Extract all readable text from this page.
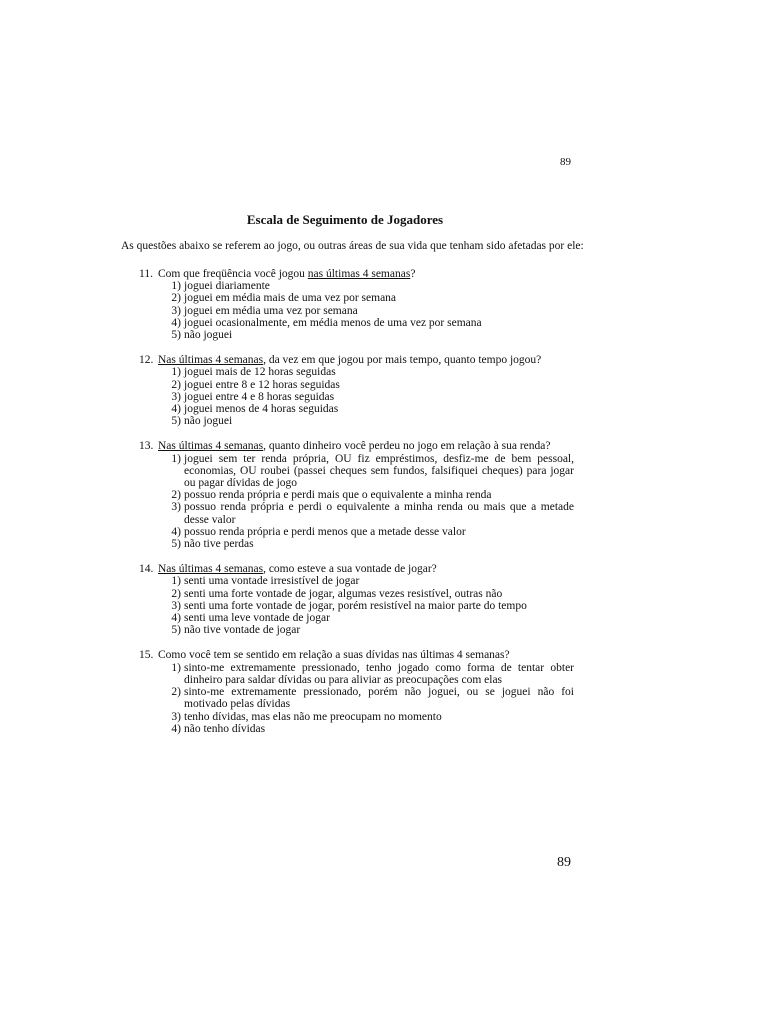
89
Escala de Seguimento de Jogadores
As questões abaixo se referem ao jogo, ou outras áreas de sua vida que tenham sido afetadas por ele:
11. Com que freqüência você jogou nas últimas 4 semanas?
1) joguei diariamente
2) joguei em média mais de uma vez por semana
3) joguei em média uma vez por semana
4) joguei ocasionalmente, em média menos de uma vez por semana
5) não joguei
12. Nas últimas 4 semanas, da vez em que jogou por mais tempo, quanto tempo jogou?
1) joguei mais de 12 horas seguidas
2) joguei entre 8 e 12 horas seguidas
3) joguei entre 4 e 8 horas seguidas
4) joguei menos de 4 horas seguidas
5) não joguei
13. Nas últimas 4 semanas, quanto dinheiro você perdeu no jogo em relação à sua renda?
1) joguei sem ter renda própria, OU fiz empréstimos, desfiz-me de bem pessoal, economias, OU roubei (passei cheques sem fundos, falsifiquei cheques) para jogar ou pagar dívidas de jogo
2) possuo renda própria e perdi mais que o equivalente a minha renda
3) possuo renda própria e perdi o equivalente a minha renda ou mais que a metade desse valor
4) possuo renda própria e perdi menos que a metade desse valor
5) não tive perdas
14. Nas últimas 4 semanas, como esteve a sua vontade de jogar?
1) senti uma vontade irresistível de jogar
2) senti uma forte vontade de jogar, algumas vezes resistível, outras não
3) senti uma forte vontade de jogar, porém resistível na maior parte do tempo
4) senti uma leve vontade de jogar
5) não tive vontade de jogar
15. Como você tem se sentido em relação a suas dívidas nas últimas 4 semanas?
1) sinto-me extremamente pressionado, tenho jogado como forma de tentar obter dinheiro para saldar dívidas ou para aliviar as preocupações com elas
2) sinto-me extremamente pressionado, porém não joguei, ou se joguei não foi motivado pelas dívidas
3) tenho dívidas, mas elas não me preocupam no momento
4) não tenho dívidas
89
